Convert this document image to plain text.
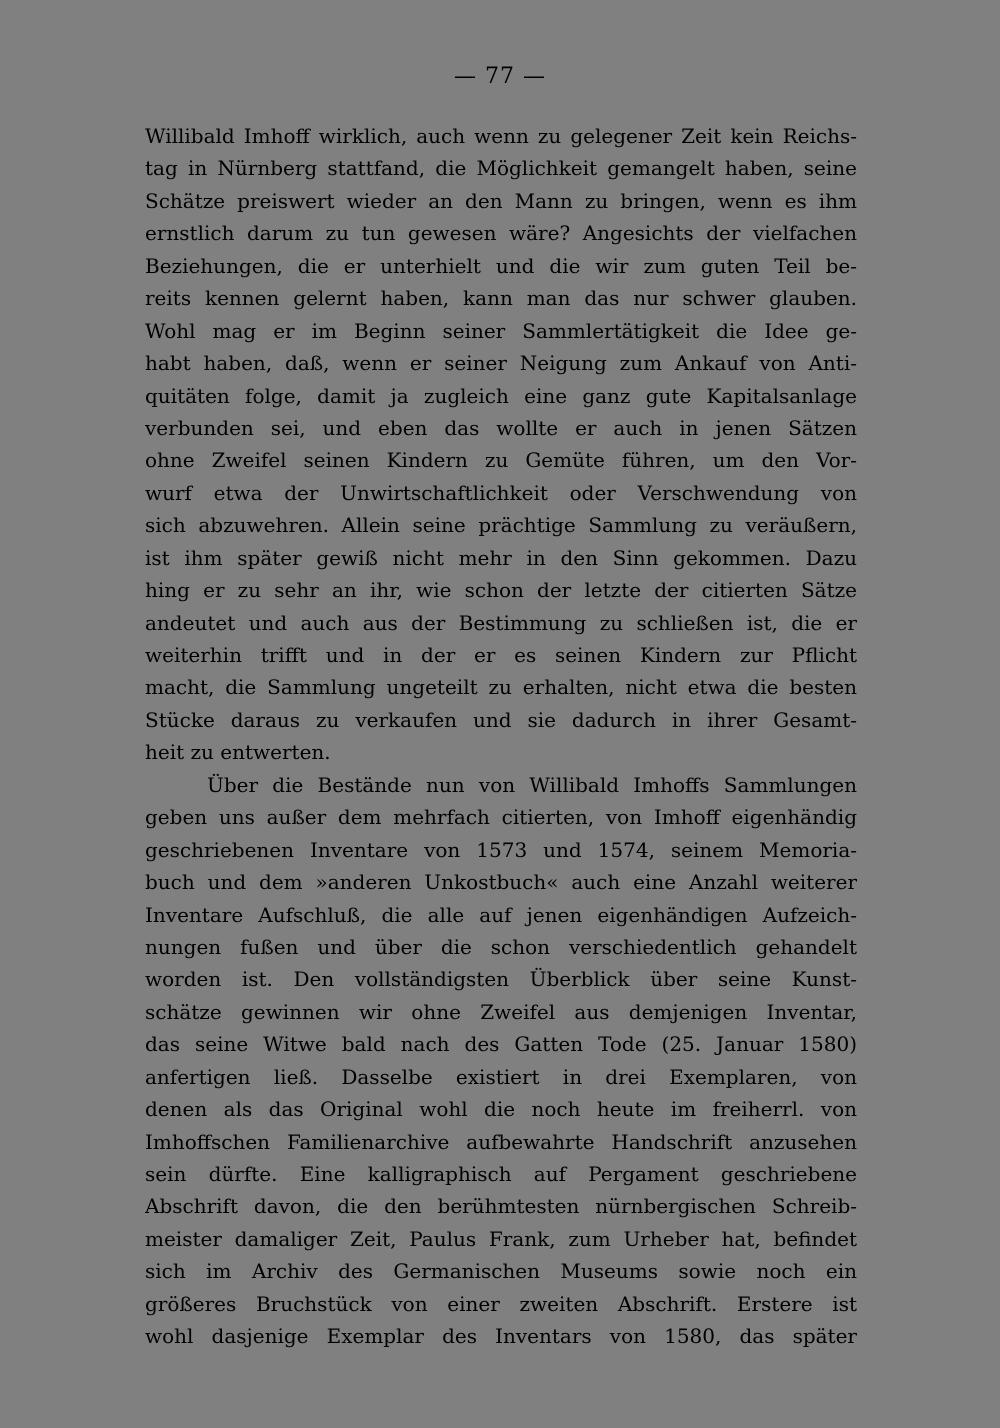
— 77 —
Willibald Imhoff wirklich, auch wenn zu gelegener Zeit kein Reichs-
tag in Nürnberg stattfand, die Möglichkeit gemangelt haben, seine
Schätze preiswert wieder an den Mann zu bringen, wenn es ihm
ernstlich darum zu tun gewesen wäre? Angesichts der vielfachen
Beziehungen, die er unterhielt und die wir zum guten Teil be-
reits kennen gelernt haben, kann man das nur schwer glauben.
Wohl mag er im Beginn seiner Sammlertätigkeit die Idee ge-
habt haben, daß, wenn er seiner Neigung zum Ankauf von Anti-
quitäten folge, damit ja zugleich eine ganz gute Kapitalsanlage
verbunden sei, und eben das wollte er auch in jenen Sätzen
ohne Zweifel seinen Kindern zu Gemüte führen, um den Vor-
wurf etwa der Unwirtschaftlichkeit oder Verschwendung von
sich abzuwehren. Allein seine prächtige Sammlung zu veräußern,
ist ihm später gewiß nicht mehr in den Sinn gekommen. Dazu
hing er zu sehr an ihr, wie schon der letzte der citierten Sätze
andeutet und auch aus der Bestimmung zu schließen ist, die er
weiterhin trifft und in der er es seinen Kindern zur Pflicht
macht, die Sammlung ungeteilt zu erhalten, nicht etwa die besten
Stücke daraus zu verkaufen und sie dadurch in ihrer Gesamt-
heit zu entwerten.
Über die Bestände nun von Willibald Imhoffs Sammlungen
geben uns außer dem mehrfach citierten, von Imhoff eigenhändig
geschriebenen Inventare von 1573 und 1574, seinem Memoria-
buch und dem »anderen Unkostbuch« auch eine Anzahl weiterer
Inventare Aufschluß, die alle auf jenen eigenhändigen Aufzeich-
nungen fußen und über die schon verschiedentlich gehandelt
worden ist. Den vollständigsten Überblick über seine Kunst-
schätze gewinnen wir ohne Zweifel aus demjenigen Inventar,
das seine Witwe bald nach des Gatten Tode (25. Januar 1580)
anfertigen ließ. Dasselbe existiert in drei Exemplaren, von
denen als das Original wohl die noch heute im freiherrl. von
Imhoffschen Familienarchive aufbewahrte Handschrift anzusehen
sein dürfte. Eine kalligraphisch auf Pergament geschriebene
Abschrift davon, die den berühmtesten nürnbergischen Schreib-
meister damaliger Zeit, Paulus Frank, zum Urheber hat, befindet
sich im Archiv des Germanischen Museums sowie noch ein
größeres Bruchstück von einer zweiten Abschrift. Erstere ist
wohl dasjenige Exemplar des Inventars von 1580, das später
